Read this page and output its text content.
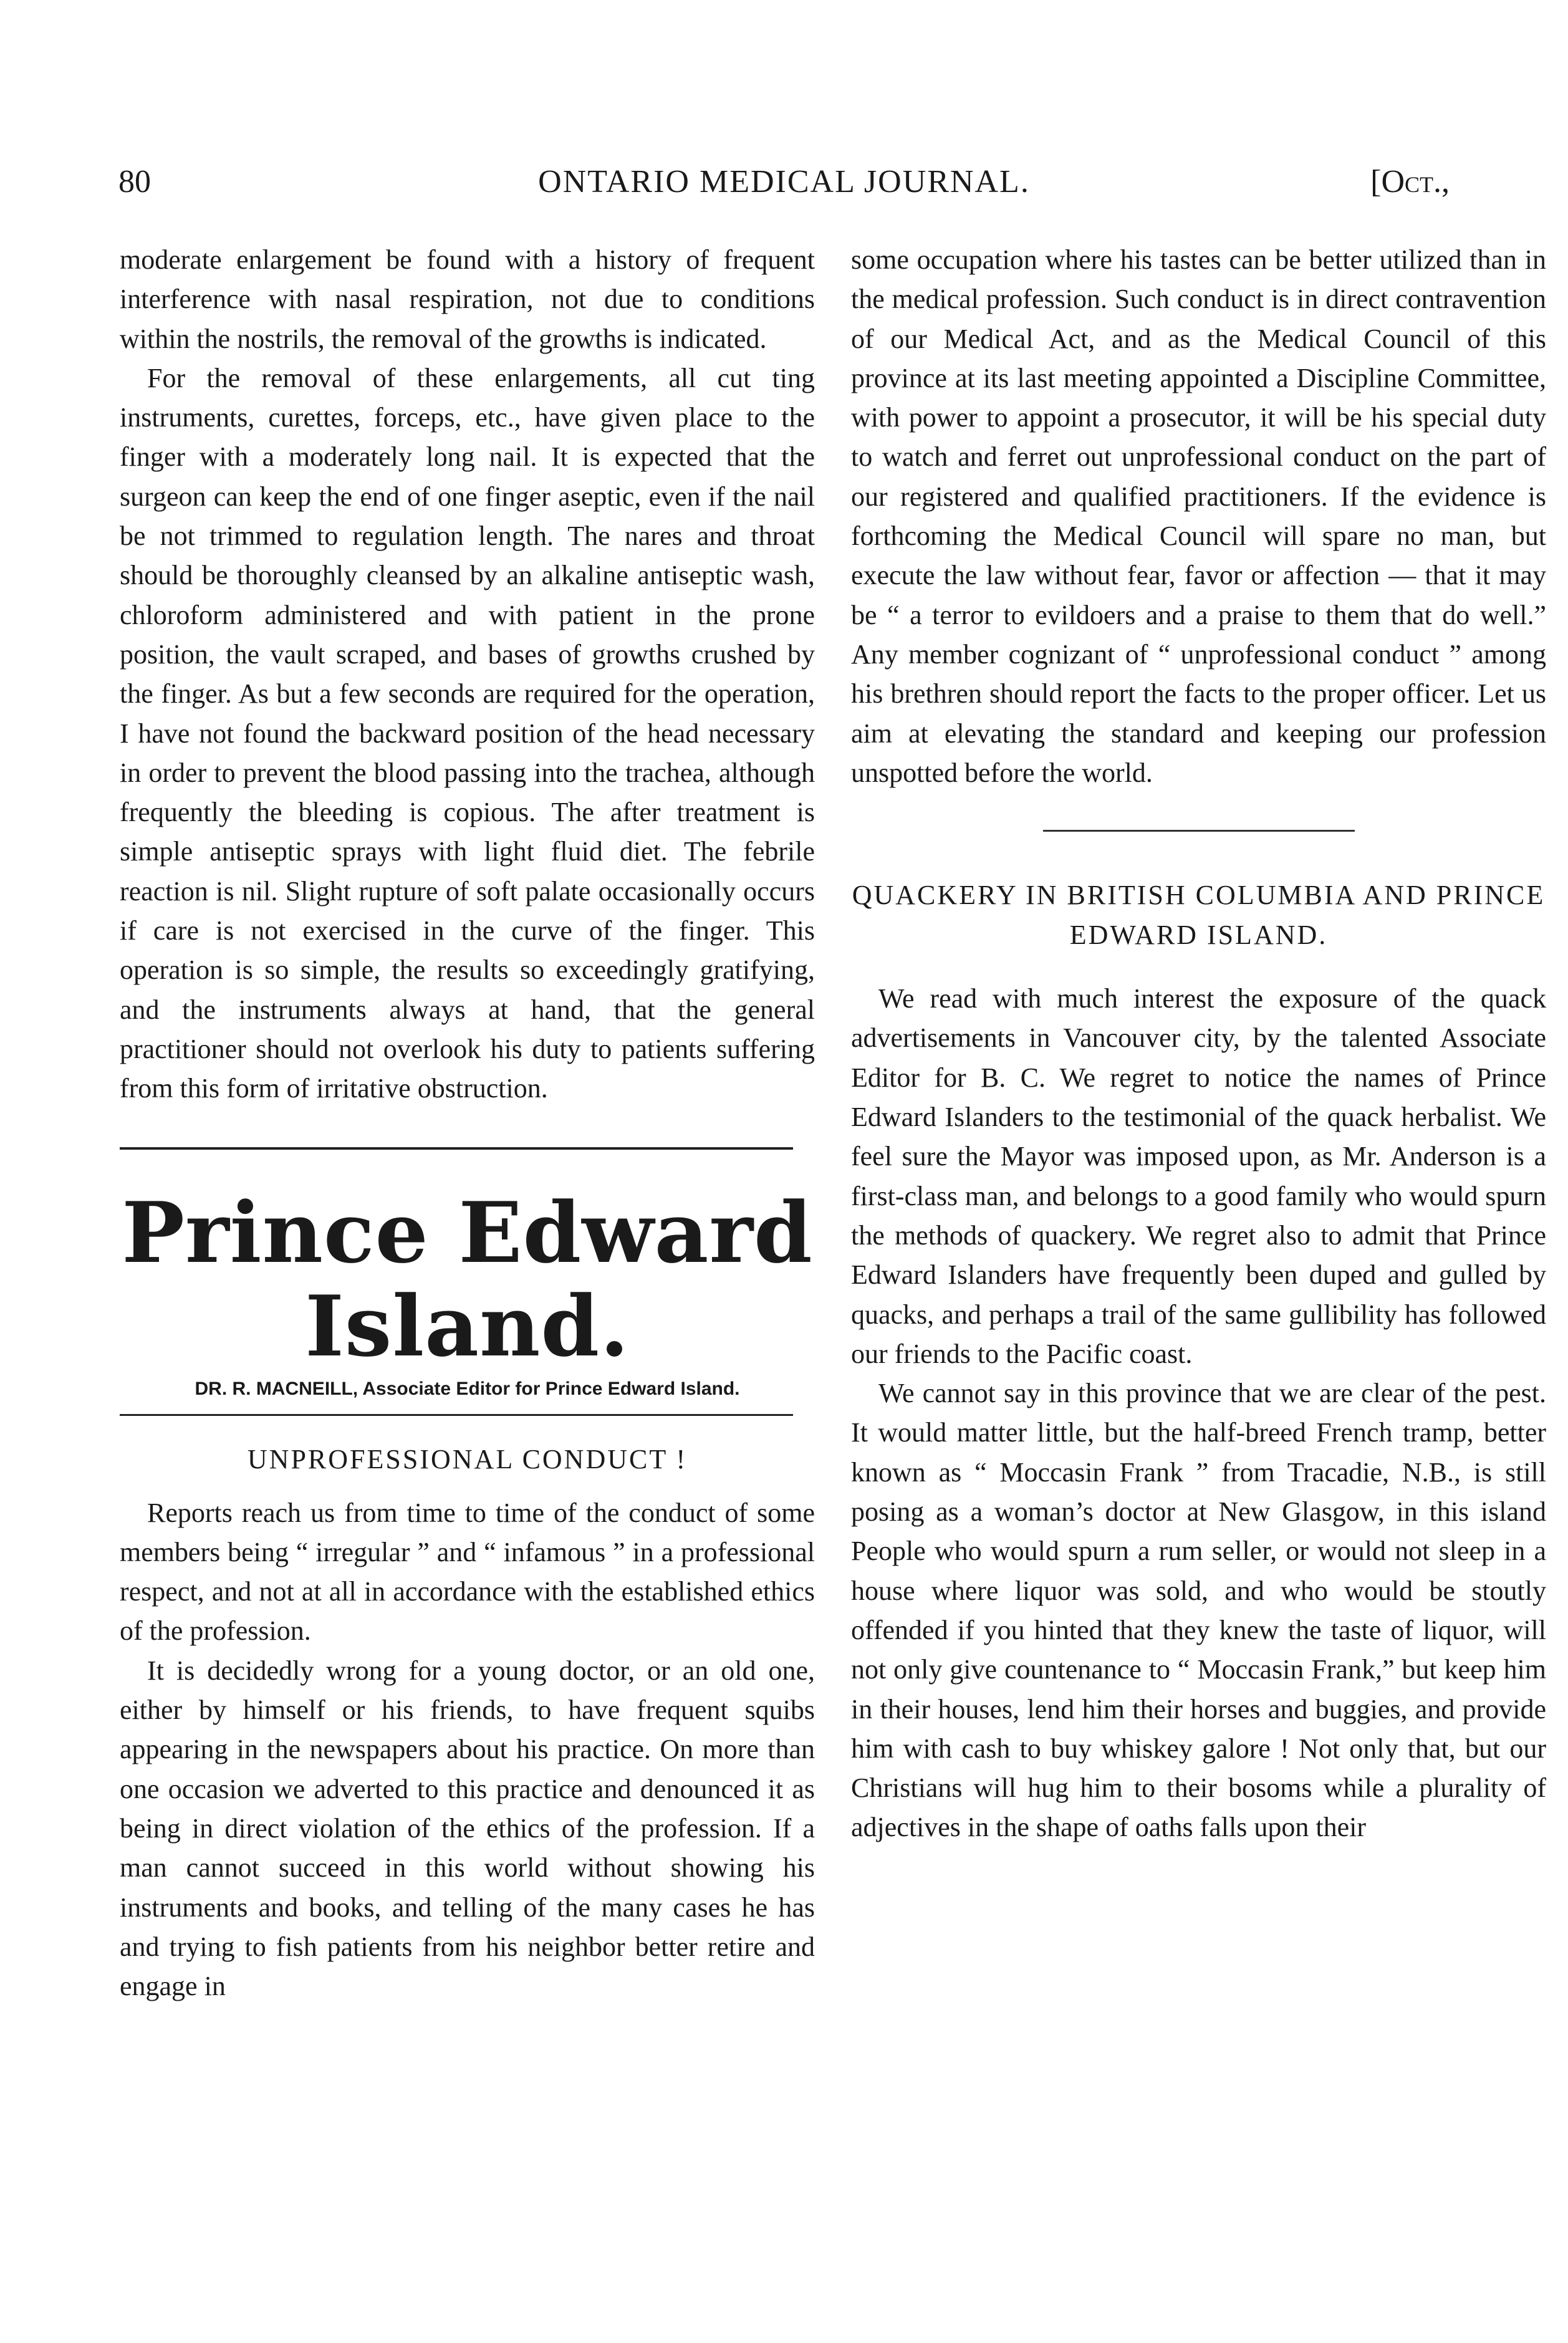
80	ONTARIO MEDICAL JOURNAL.	[Oct.,

moderate enlargement be found with a history of frequent interference with nasal respiration, not due to conditions within the nostrils, the removal of the growths is indicated.

For the removal of these enlargements, all cut ting instruments, curettes, forceps, etc., have given place to the finger with a moderately long nail. It is expected that the surgeon can keep the end of one finger aseptic, even if the nail be not trimmed to regulation length. The nares and throat should be thoroughly cleansed by an alkaline antiseptic wash, chloroform administered and with patient in the prone position, the vault scraped, and bases of growths crushed by the finger. As but a few seconds are required for the operation, I have not found the backward position of the head necessary in order to prevent the blood passing into the trachea, although frequently the bleeding is copious. The after treatment is simple antiseptic sprays with light fluid diet. The febrile reaction is nil. Slight rupture of soft palate occasionally occurs if care is not exercised in the curve of the finger. This operation is so simple, the results so exceedingly gratifying, and the instruments always at hand, that the general practitioner should not overlook his duty to patients suffering from this form of irritative obstruction.

Prince Edward Island.
DR. R. MACNEILL, Associate Editor for Prince Edward Island.
UNPROFESSIONAL CONDUCT !

Reports reach us from time to time of the conduct of some members being “ irregular ” and “ infamous ” in a professional respect, and not at all in accordance with the established ethics of the profession.

It is decidedly wrong for a young doctor, or an old one, either by himself or his friends, to have frequent squibs appearing in the newspapers about his practice. On more than one occasion we adverted to this practice and denounced it as being in direct violation of the ethics of the profession. If a man cannot succeed in this world without showing his instruments and books, and telling of the many cases he has and trying to fish patients from his neighbor better retire and engage in

some occupation where his tastes can be better utilized than in the medical profession. Such conduct is in direct contravention of our Medical Act, and as the Medical Council of this province at its last meeting appointed a Discipline Committee, with power to appoint a prosecutor, it will be his special duty to watch and ferret out unprofessional conduct on the part of our registered and qualified practitioners. If the evidence is forthcoming the Medical Council will spare no man, but execute the law without fear, favor or affection — that it may be “ a terror to evildoers and a praise to them that do well.” Any member cognizant of “ unprofessional conduct ” among his brethren should report the facts to the proper officer. Let us aim at elevating the standard and keeping our profession unspotted before the world.

QUACKERY IN BRITISH COLUMBIA AND PRINCE EDWARD ISLAND.

We read with much interest the exposure of the quack advertisements in Vancouver city, by the talented Associate Editor for B. C. We regret to notice the names of Prince Edward Islanders to the testimonial of the quack herbalist. We feel sure the Mayor was imposed upon, as Mr. Anderson is a first-class man, and belongs to a good family who would spurn the methods of quackery. We regret also to admit that Prince Edward Islanders have frequently been duped and gulled by quacks, and perhaps a trail of the same gullibility has followed our friends to the Pacific coast.

We cannot say in this province that we are clear of the pest. It would matter little, but the half-breed French tramp, better known as “ Moccasin Frank ” from Tracadie, N.B., is still posing as a woman’s doctor at New Glasgow, in this island People who would spurn a rum seller, or would not sleep in a house where liquor was sold, and who would be stoutly offended if you hinted that they knew the taste of liquor, will not only give countenance to “ Moccasin Frank,” but keep him in their houses, lend him their horses and buggies, and provide him with cash to buy whiskey galore ! Not only that, but our Christians will hug him to their bosoms while a plurality of adjectives in the shape of oaths falls upon their
